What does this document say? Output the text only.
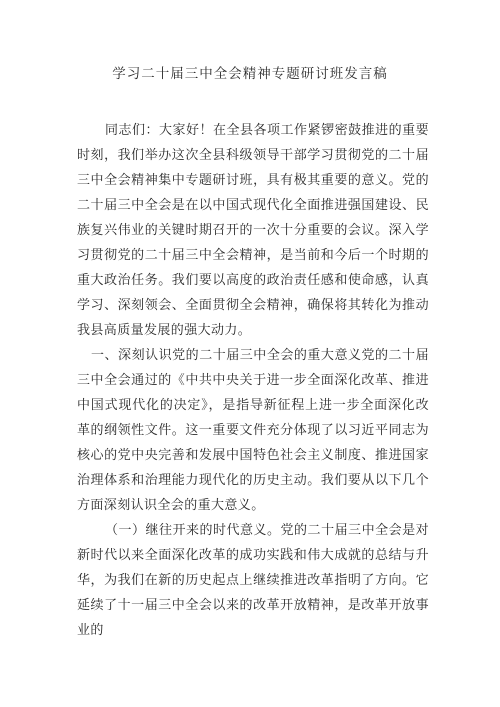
学习二十届三中全会精神专题研讨班发言稿

同志们：大家好！在全县各项工作紧锣密鼓推进的重要时刻，我们举办这次全县科级领导干部学习贯彻党的二十届三中全会精神集中专题研讨班，具有极其重要的意义。党的二十届三中全会是在以中国式现代化全面推进强国建设、民族复兴伟业的关键时期召开的一次十分重要的会议。深入学习贯彻党的二十届三中全会精神，是当前和今后一个时期的重大政治任务。我们要以高度的政治责任感和使命感，认真学习、深刻领会、全面贯彻全会精神，确保将其转化为推动我县高质量发展的强大动力。

一、深刻认识党的二十届三中全会的重大意义党的二十届三中全会通过的《中共中央关于进一步全面深化改革、推进中国式现代化的决定》，是指导新征程上进一步全面深化改革的纲领性文件。这一重要文件充分体现了以习近平同志为核心的党中央完善和发展中国特色社会主义制度、推进国家治理体系和治理能力现代化的历史主动。我们要从以下几个方面深刻认识全会的重大意义。

（一）继往开来的时代意义。党的二十届三中全会是对新时代以来全面深化改革的成功实践和伟大成就的总结与升华，为我们在新的历史起点上继续推进改革指明了方向。它延续了十一届三中全会以来的改革开放精神，是改革开放事业的
